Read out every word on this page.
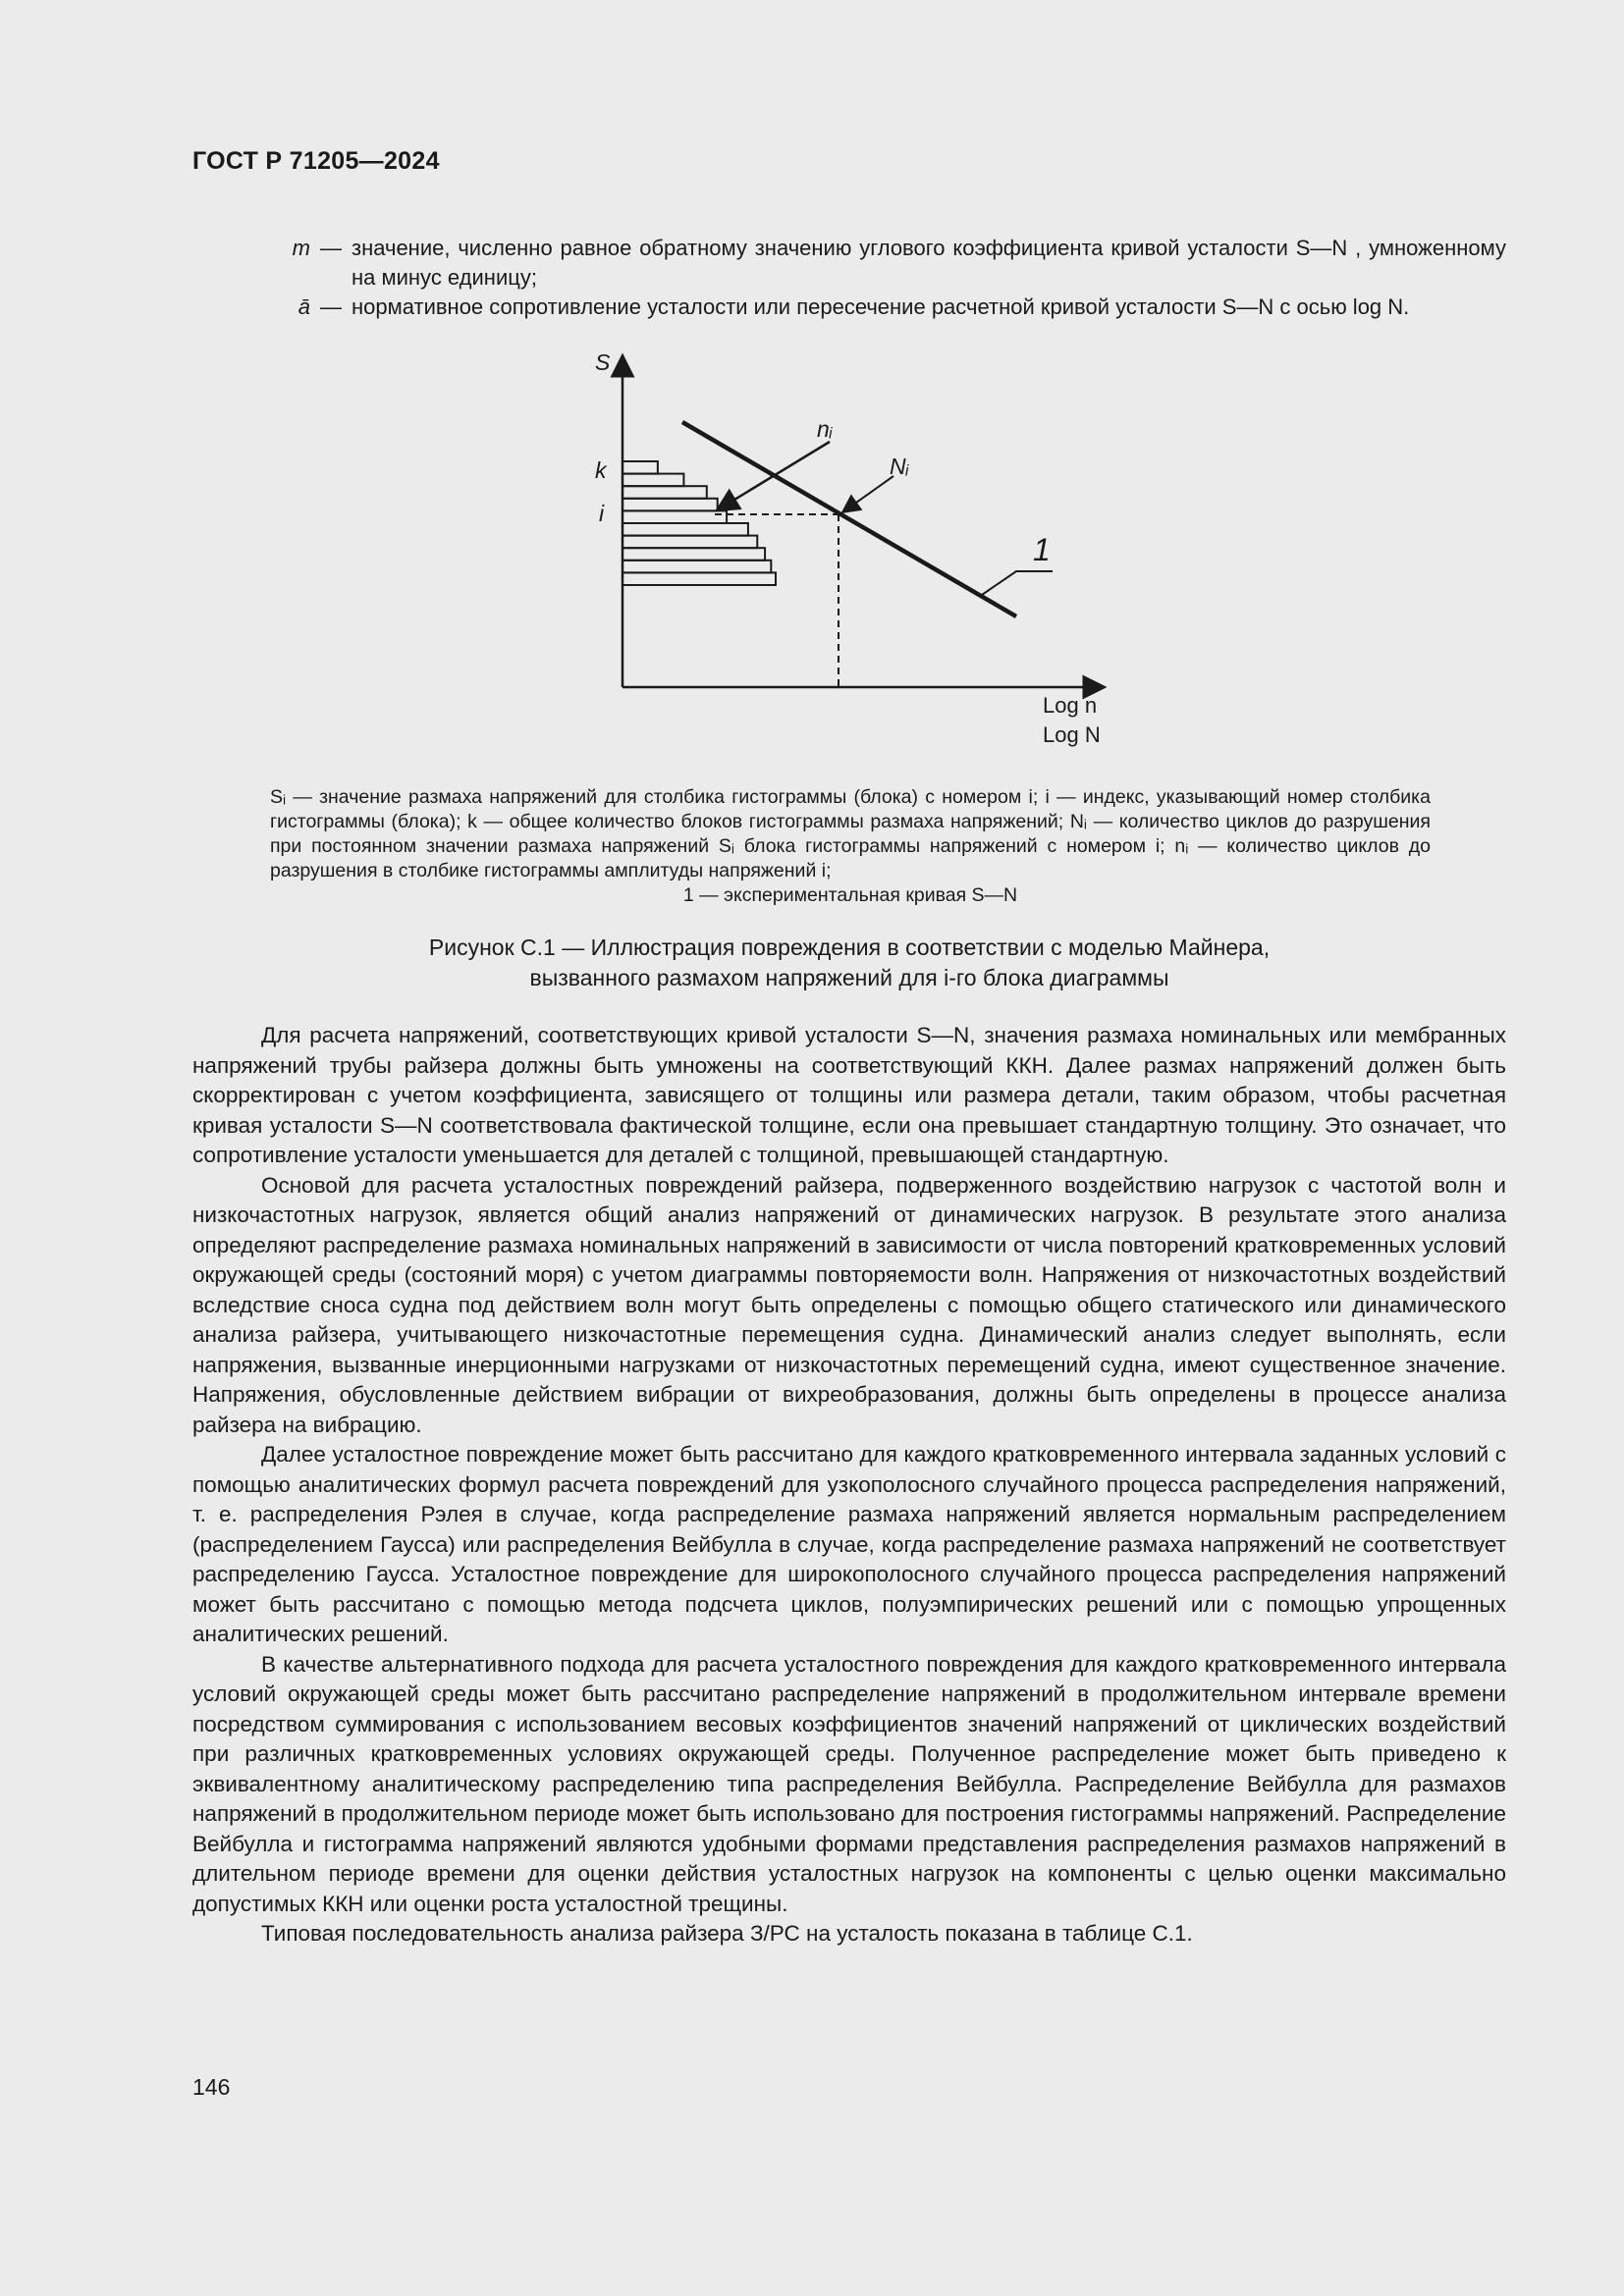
ГОСТ Р 71205—2024
m — значение, численно равное обратному значению углового коэффициента кривой усталости S—N , умноженному на минус единицу;
ā — нормативное сопротивление усталости или пересечение расчетной кривой усталости S—N с осью log N.
S
k
i
nᵢ
Nᵢ
1
Log n
Log N
Sᵢ — значение размаха напряжений для столбика гистограммы (блока) с номером i; i — индекс, указывающий номер столбика гистограммы (блока); k — общее количество блоков гистограммы размаха напряжений; Nᵢ — количество циклов до разрушения при постоянном значении размаха напряжений Sᵢ блока гистограммы напряжений с номером i; nᵢ — количество циклов до разрушения в столбике гистограммы амплитуды напряжений i;
1 — экспериментальная кривая S—N
Рисунок С.1 — Иллюстрация повреждения в соответствии с моделью Майнера,
вызванного размахом напряжений для i-го блока диаграммы

Для расчета напряжений, соответствующих кривой усталости S—N, значения размаха номинальных или мембранных напряжений трубы райзера должны быть умножены на соответствующий ККН. Далее размах напряжений должен быть скорректирован с учетом коэффициента, зависящего от толщины или размера детали, таким образом, чтобы расчетная кривая усталости S—N соответствовала фактической толщине, если она превышает стандартную толщину. Это означает, что сопротивление усталости уменьшается для деталей с толщиной, превышающей стандартную.

Основой для расчета усталостных повреждений райзера, подверженного воздействию нагрузок с частотой волн и низкочастотных нагрузок, является общий анализ напряжений от динамических нагрузок. В результате этого анализа определяют распределение размаха номинальных напряжений в зависимости от числа повторений кратковременных условий окружающей среды (состояний моря) с учетом диаграммы повторяемости волн. Напряжения от низкочастотных воздействий вследствие сноса судна под действием волн могут быть определены с помощью общего статического или динамического анализа райзера, учитывающего низкочастотные перемещения судна. Динамический анализ следует выполнять, если напряжения, вызванные инерционными нагрузками от низкочастотных перемещений судна, имеют существенное значение. Напряжения, обусловленные действием вибрации от вихреобразования, должны быть определены в процессе анализа райзера на вибрацию.

Далее усталостное повреждение может быть рассчитано для каждого кратковременного интервала заданных условий с помощью аналитических формул расчета повреждений для узкополосного случайного процесса распределения напряжений, т. е. распределения Рэлея в случае, когда распределение размаха напряжений является нормальным распределением (распределением Гаусса) или распределения Вейбулла в случае, когда распределение размаха напряжений не соответствует распределению Гаусса. Усталостное повреждение для широкополосного случайного процесса распределения напряжений может быть рассчитано с помощью метода подсчета циклов, полуэмпирических решений или с помощью упрощенных аналитических решений.

В качестве альтернативного подхода для расчета усталостного повреждения для каждого кратковременного интервала условий окружающей среды может быть рассчитано распределение напряжений в продолжительном интервале времени посредством суммирования с использованием весовых коэффициентов значений напряжений от циклических воздействий при различных кратковременных условиях окружающей среды. Полученное распределение может быть приведено к эквивалентному аналитическому распределению типа распределения Вейбулла. Распределение Вейбулла для размахов напряжений в продолжительном периоде может быть использовано для построения гистограммы напряжений. Распределение Вейбулла и гистограмма напряжений являются удобными формами представления распределения размахов напряжений в длительном периоде времени для оценки действия усталостных нагрузок на компоненты с целью оценки максимально допустимых ККН или оценки роста усталостной трещины.

Типовая последовательность анализа райзера З/РС на усталость показана в таблице С.1.

146
